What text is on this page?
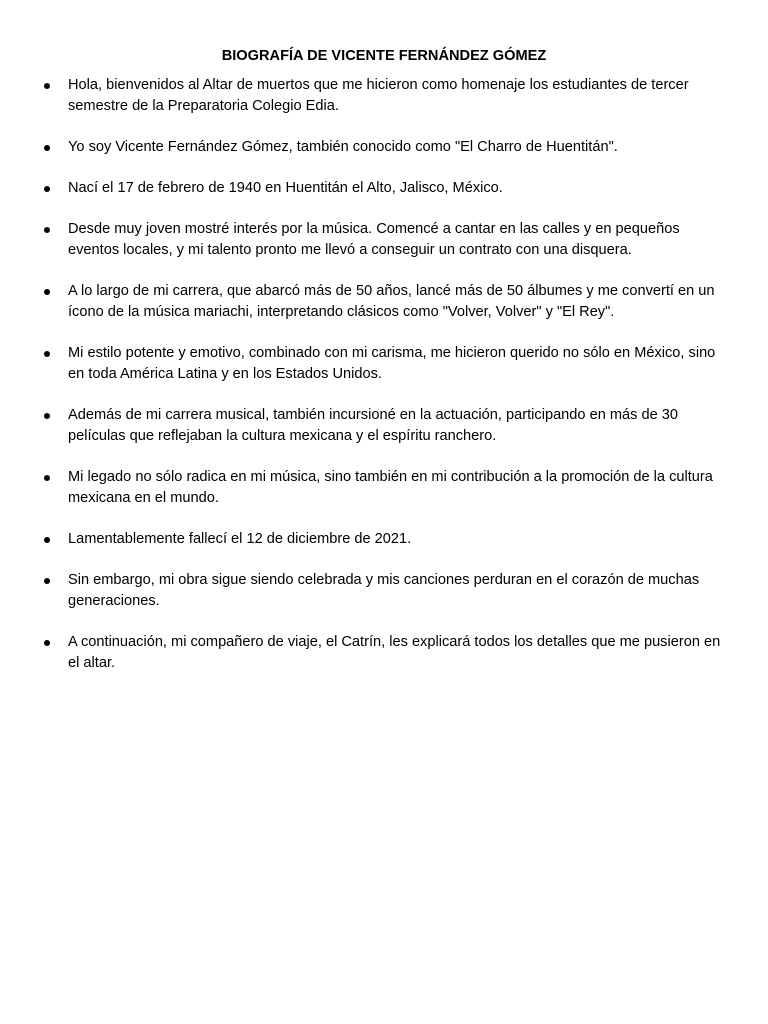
BIOGRAFÍA DE VICENTE FERNÁNDEZ GÓMEZ
Hola, bienvenidos al Altar de muertos que me hicieron como homenaje los estudiantes de tercer semestre de la Preparatoria Colegio Edia.
Yo soy Vicente Fernández Gómez, también conocido como "El Charro de Huentitán".
Nací el 17 de febrero de 1940 en Huentitán el Alto, Jalisco, México.
Desde muy joven mostré interés por la música. Comencé a cantar en las calles y en pequeños eventos locales, y mi talento pronto me llevó a conseguir un contrato con una disquera.
A lo largo de mi carrera, que abarcó más de 50 años, lancé más de 50 álbumes y me convertí en un ícono de la música mariachi, interpretando clásicos como "Volver, Volver" y "El Rey".
Mi estilo potente y emotivo, combinado con mi carisma, me hicieron querido no sólo en México, sino en toda América Latina y en los Estados Unidos.
Además de mi carrera musical, también incursioné en la actuación, participando en más de 30 películas que reflejaban la cultura mexicana y el espíritu ranchero.
Mi legado no sólo radica en mi música, sino también en mi contribución a la promoción de la cultura mexicana en el mundo.
Lamentablemente fallecí el 12 de diciembre de 2021.
Sin embargo, mi obra sigue siendo celebrada y mis canciones perduran en el corazón de muchas generaciones.
A continuación, mi compañero de viaje, el Catrín, les explicará todos los detalles que me pusieron en el altar.
